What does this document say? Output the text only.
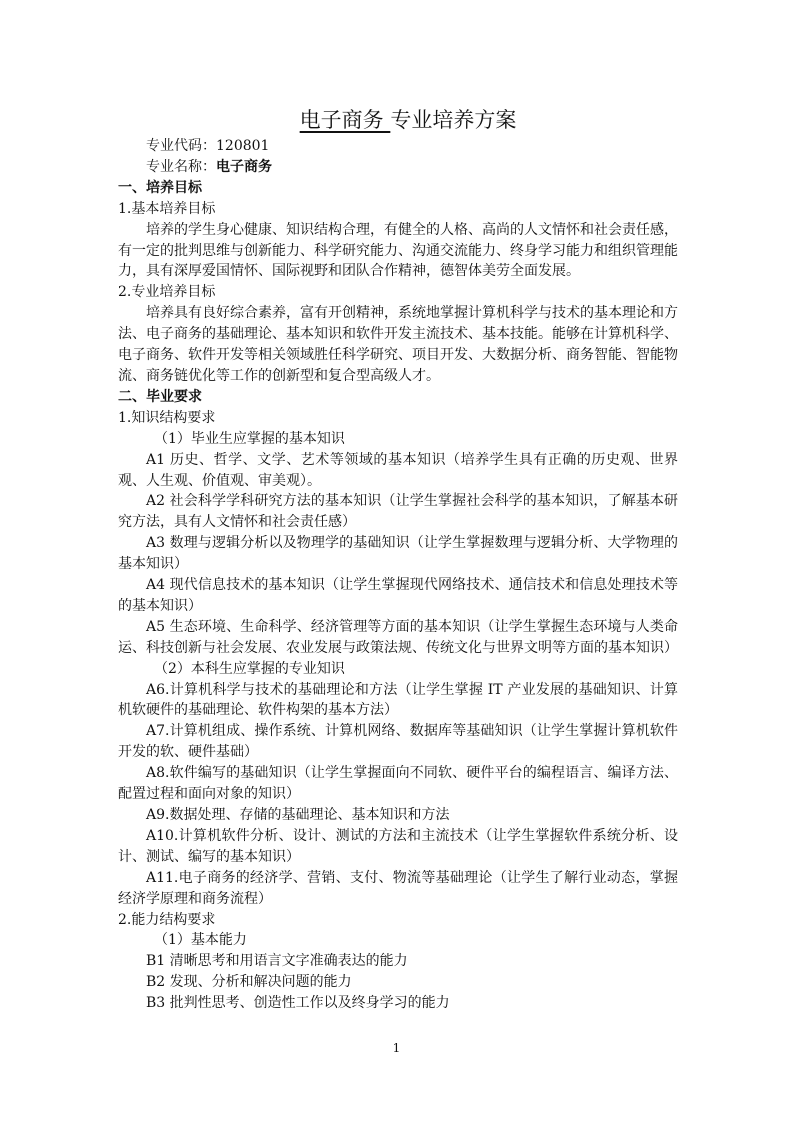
电子商务 专业培养方案

专业代码：120801

专业名称：电子商务

一、培养目标

1.基本培养目标

培养的学生身心健康、知识结构合理，有健全的人格、高尚的人文情怀和社会责任感，有一定的批判思维与创新能力、科学研究能力、沟通交流能力、终身学习能力和组织管理能力，具有深厚爱国情怀、国际视野和团队合作精神，德智体美劳全面发展。

2.专业培养目标

培养具有良好综合素养，富有开创精神，系统地掌握计算机科学与技术的基本理论和方法、电子商务的基础理论、基本知识和软件开发主流技术、基本技能。能够在计算机科学、电子商务、软件开发等相关领域胜任科学研究、项目开发、大数据分析、商务智能、智能物流、商务链优化等工作的创新型和复合型高级人才。

二、毕业要求

1.知识结构要求

（1）毕业生应掌握的基本知识

A1 历史、哲学、文学、艺术等领域的基本知识（培养学生具有正确的历史观、世界观、人生观、价值观、审美观）。

A2 社会科学学科研究方法的基本知识（让学生掌握社会科学的基本知识，了解基本研究方法，具有人文情怀和社会责任感）

A3 数理与逻辑分析以及物理学的基础知识（让学生掌握数理与逻辑分析、大学物理的基本知识）

A4 现代信息技术的基本知识（让学生掌握现代网络技术、通信技术和信息处理技术等的基本知识）

A5 生态环境、生命科学、经济管理等方面的基本知识（让学生掌握生态环境与人类命运、科技创新与社会发展、农业发展与政策法规、传统文化与世界文明等方面的基本知识）

（2）本科生应掌握的专业知识

A6.计算机科学与技术的基础理论和方法（让学生掌握 IT 产业发展的基础知识、计算机软硬件的基础理论、软件构架的基本方法）

A7.计算机组成、操作系统、计算机网络、数据库等基础知识（让学生掌握计算机软件开发的软、硬件基础）

A8.软件编写的基础知识（让学生掌握面向不同软、硬件平台的编程语言、编译方法、配置过程和面向对象的知识）

A9.数据处理、存储的基础理论、基本知识和方法

A10.计算机软件分析、设计、测试的方法和主流技术（让学生掌握软件系统分析、设计、测试、编写的基本知识）

A11.电子商务的经济学、营销、支付、物流等基础理论（让学生了解行业动态，掌握经济学原理和商务流程）

2.能力结构要求

（1）基本能力

B1 清晰思考和用语言文字准确表达的能力

B2 发现、分析和解决问题的能力

B3 批判性思考、创造性工作以及终身学习的能力

1
